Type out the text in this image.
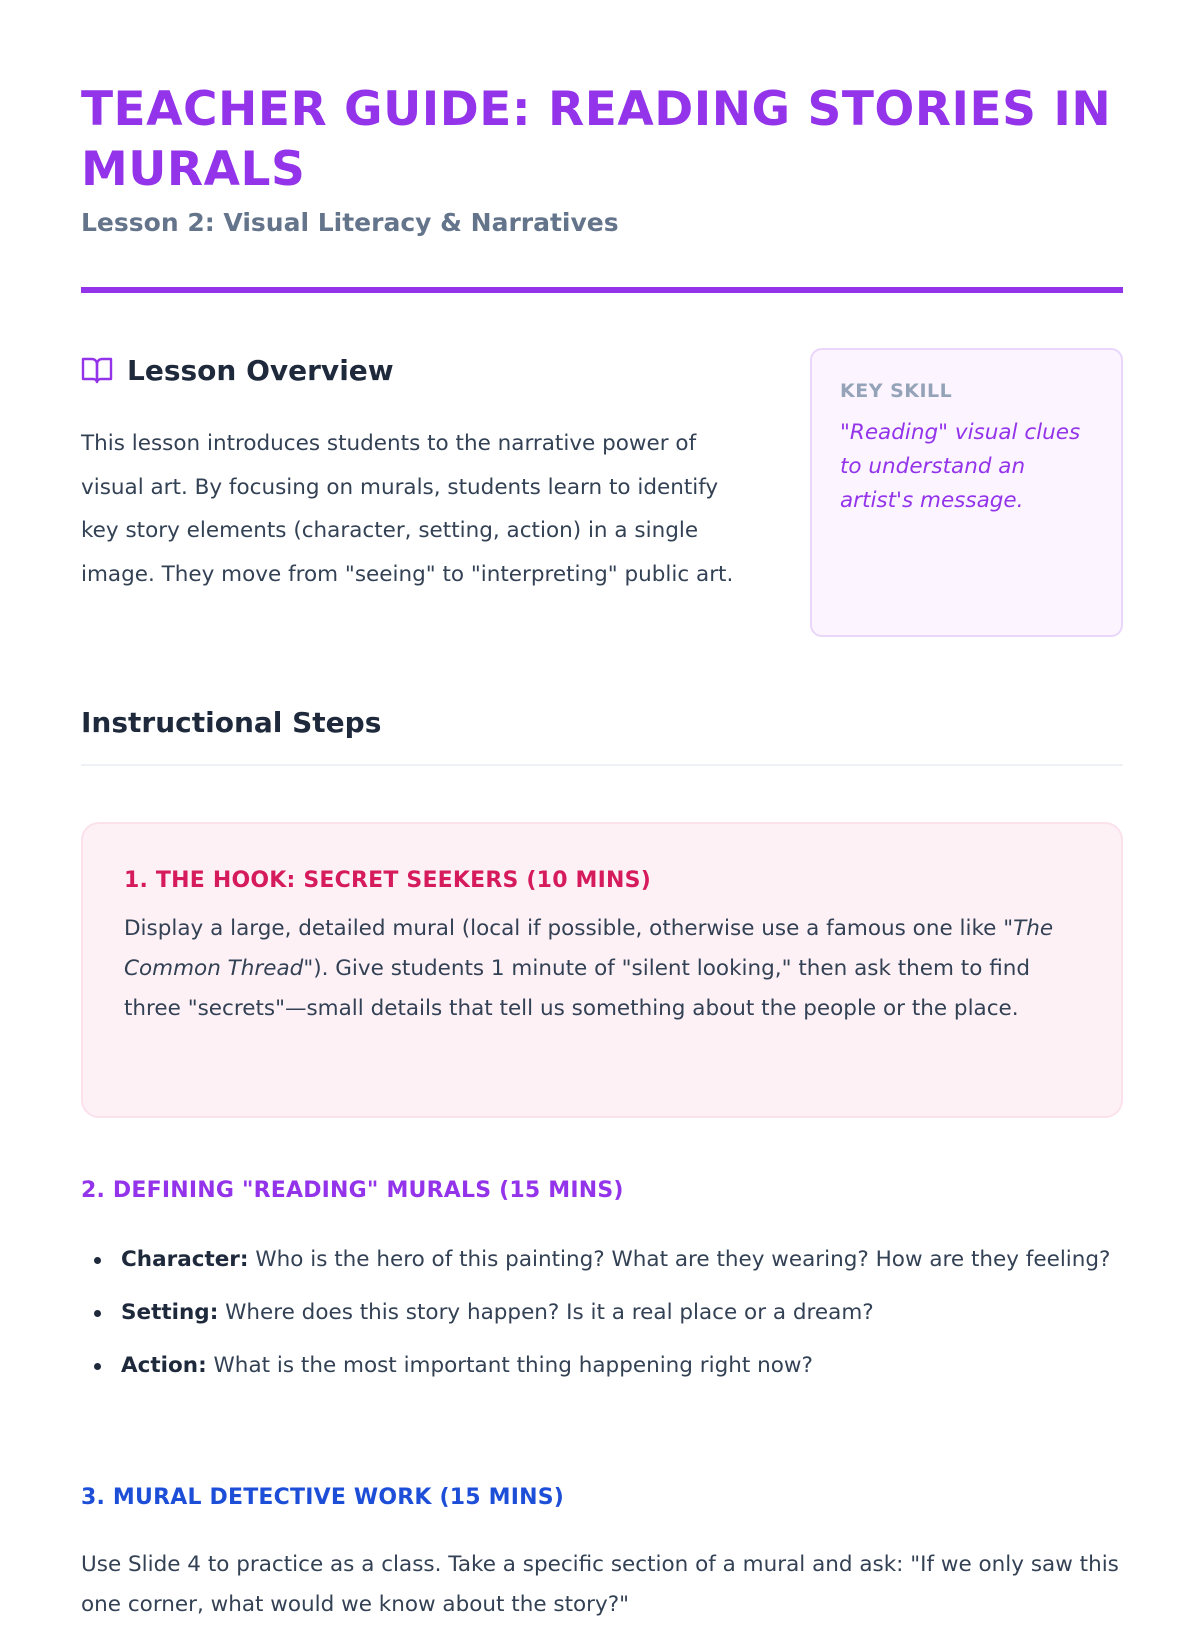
TEACHER GUIDE: READING STORIES IN MURALS
Lesson 2: Visual Literacy & Narratives
Lesson Overview

This lesson introduces students to the narrative power of visual art. By focusing on murals, students learn to identify key story elements (character, setting, action) in a single image. They move from "seeing" to "interpreting" public art.

KEY SKILL
"Reading" visual clues to understand an artist's message.
Instructional Steps
1. THE HOOK: SECRET SEEKERS (10 MINS)

Display a large, detailed mural (local if possible, otherwise use a famous one like "The Common Thread"). Give students 1 minute of "silent looking," then ask them to find three "secrets"—small details that tell us something about the people or the place.

2. DEFINING "READING" MURALS (15 MINS)
Character: Who is the hero of this painting? What are they wearing? How are they feeling?
Setting: Where does this story happen? Is it a real place or a dream?
Action: What is the most important thing happening right now?
3. MURAL DETECTIVE WORK (15 MINS)

Use Slide 4 to practice as a class. Take a specific section of a mural and ask: "If we only saw this one corner, what would we know about the story?"
